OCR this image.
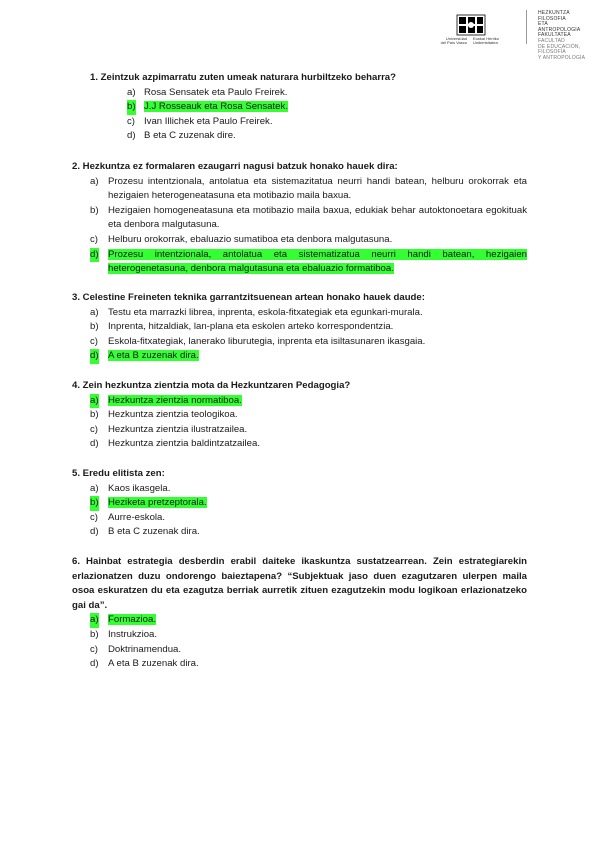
Universidad
del País Vasco
Euskal Herriko
Unibertsitatea
HEZKUNTZA
FILOSOFIA
ETA
ANTROPOLOGIA
FAKULTATEA
FACULTAD
DE EDUCACIÓN,
FILOSOFÍA
Y ANTROPOLOGÍA
1. Zeintzuk azpimarratu zuten umeak naturara hurbiltzeko beharra?
a) Rosa Sensatek eta Paulo Freirek.
b) J.J Rosseauk eta Rosa Sensatek.
c) Ivan Illichek eta Paulo Freirek.
d) B eta C zuzenak dire.
2. Hezkuntza ez formalaren ezaugarri nagusi batzuk honako hauek dira:
a) Prozesu intentzionala, antolatua eta sistemazitatua neurri handi batean, helburu orokorrak eta hezigaien heterogeneatasuna eta motibazio maila baxua.
b) Hezigaien homogeneatasuna eta motibazio maila baxua, edukiak behar autoktonoetara egokituak eta denbora malgutasuna.
c) Helburu orokorrak, ebaluazio sumatiboa eta denbora malgutasuna.
d) Prozesu intentzionala, antolatua eta sistematizatua neurri handi batean, hezigaien heterogenetasuna, denbora malgutasuna eta ebaluazio formatiboa.
3. Celestine Freineten teknika garrantzitsuenean artean honako hauek daude:
a) Testu eta marrazki librea, inprenta, eskola-fitxategiak eta egunkari-murala.
b) Inprenta, hitzaldiak, lan-plana eta eskolen arteko korrespondentzia.
c) Eskola-fitxategiak, lanerako liburutegia, inprenta eta isiltasunaren ikasgaia.
d) A eta B zuzenak dira.
4. Zein hezkuntza zientzia mota da Hezkuntzaren Pedagogia?
a) Hezkuntza zientzia normatiboa.
b) Hezkuntza zientzia teologikoa.
c) Hezkuntza zientzia ilustratzailea.
d) Hezkuntza zientzia baldintzatzailea.
5. Eredu elitista zen:
a) Kaos ikasgela.
b) Heziketa pretzeptorala.
c) Aurre-eskola.
d) B eta C zuzenak dira.
6. Hainbat estrategia desberdin erabil daiteke ikaskuntza sustatzearrean. Zein estrategiarekin erlazionatzen duzu ondorengo baieztapena? “Subjektuak jaso duen ezagutzaren ulerpen maila osoa eskuratzen du eta ezagutza berriak aurretik zituen ezagutzekin modu logikoan erlazionatzeko gai da”.
a) Formazioa.
b) Instrukzioa.
c) Doktrinamendua.
d) A eta B zuzenak dira.
